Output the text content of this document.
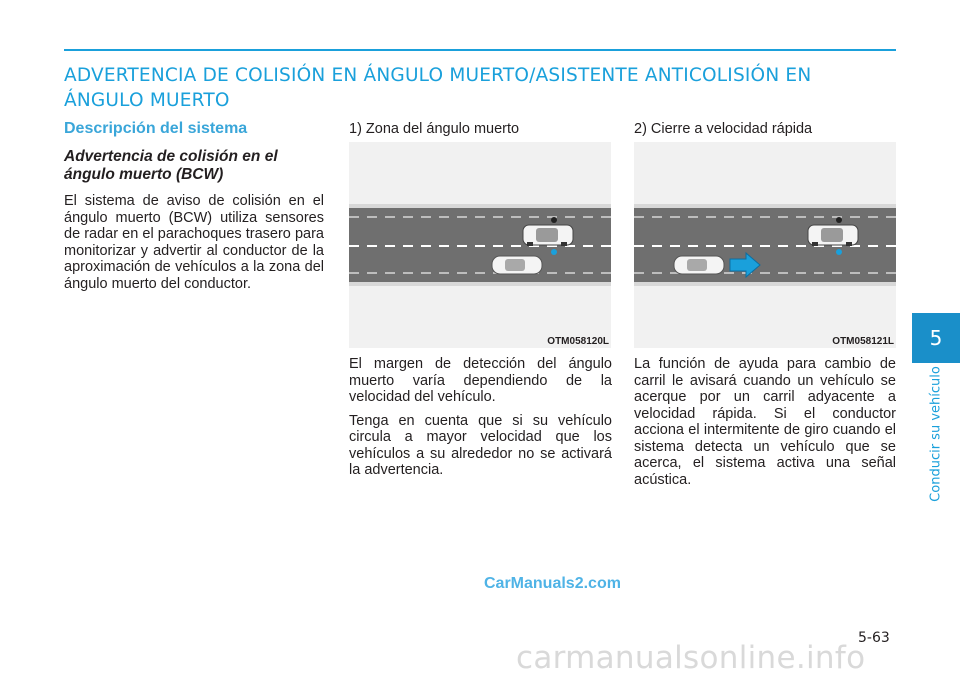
ADVERTENCIA DE COLISIÓN EN ÁNGULO MUERTO/ASISTENTE ANTICOLISIÓN EN ÁNGULO MUERTO
5
Conducir su vehículo
Descripción del sistema
Advertencia de colisión en el ángulo muerto (BCW)

El sistema de aviso de colisión en el ángulo muerto (BCW) utiliza sensores de radar en el parachoques trasero para monitorizar y advertir al conductor de la aproximación de vehículos a la zona del ángulo muerto del conductor.

1) Zona del ángulo muerto
OTM058120L

El margen de detección del ángulo muerto varía dependiendo de la velocidad del vehículo.

Tenga en cuenta que si su vehículo circula a mayor velocidad que los vehículos a su alrededor no se activará la advertencia.

2) Cierre a velocidad rápida
OTM058121L

La función de ayuda para cambio de carril le avisará cuando un vehículo se acerque por un carril adyacente a velocidad rápida. Si el conductor acciona el intermitente de giro cuando el sistema detecta un vehículo que se acerca, el sistema activa una señal acústica.

CarManuals2.com
5-63
carmanualsonline.info
